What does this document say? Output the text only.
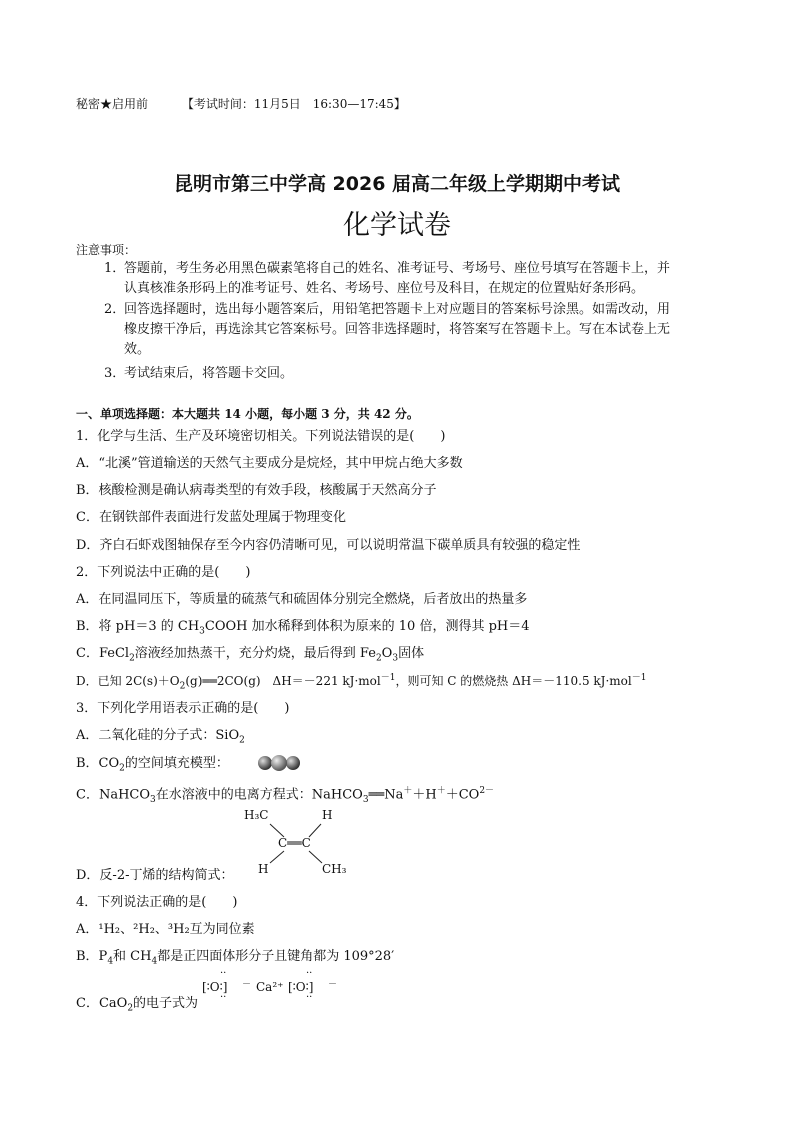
秘密★启用前	【考试时间：11月5日　16:30—17:45】
昆明市第三中学高 2026 届高二年级上学期期中考试
化学试卷
注意事项：
1．答题前，考生务必用黑色碳素笔将自己的姓名、准考证号、考场号、座位号填写在答题卡上，并
认真核准条形码上的准考证号、姓名、考场号、座位号及科目，在规定的位置贴好条形码。
2．回答选择题时，选出每小题答案后，用铅笔把答题卡上对应题目的答案标号涂黑。如需改动，用
橡皮擦干净后，再选涂其它答案标号。回答非选择题时，将答案写在答题卡上。写在本试卷上无
效。
3．考试结束后，将答题卡交回。
一、单项选择题：本大题共 14 小题，每小题 3 分，共 42 分。
1．化学与生活、生产及环境密切相关。下列说法错误的是(　　)
A．“北溪”管道输送的天然气主要成分是烷烃，其中甲烷占绝大多数
B．核酸检测是确认病毒类型的有效手段，核酸属于天然高分子
C．在钢铁部件表面进行发蓝处理属于物理变化
D．齐白石虾戏图轴保存至今内容仍清晰可见，可以说明常温下碳单质具有较强的稳定性
2．下列说法中正确的是(　　)
A．在同温同压下，等质量的硫蒸气和硫固体分别完全燃烧，后者放出的热量多
B．将 pH＝3 的 $CH_3COOH$ 加水稀释到体积为原来的 10 倍，测得其 pH＝4
C．FeCl$_2$溶液经加热蒸干，充分灼烧，最后得到 $Fe_2O_3$固体
D．已知 $2C(s)+O_2(g)══2CO(g)$　ΔH＝－221 kJ·mol$^{-1}$，则可知 C 的燃烧热 ΔH＝－110.5 kJ·mol$^{-1}$
3．下列化学用语表示正确的是(　　)
A．二氧化硅的分子式：SiO$_2$
B．$CO_2$的空间填充模型：
C．NaHCO$_3$在水溶液中的电离方程式：$NaHCO_3══Na^++H^++CO^{2-}$
H₃C	H
C══C
H	CH₃
D．反-2-丁烯的结构简式：
4．下列说法正确的是(　　)
A．¹H₂、²H₂、³H₂互为同位素
B．$P_4$和 $CH_4$都是正四面体形分子且键角都为 109°28′
C．CaO$_2$的电子式为
··
[∶O∶] －
··
Ca²⁺
··
[∶O∶] －
··
